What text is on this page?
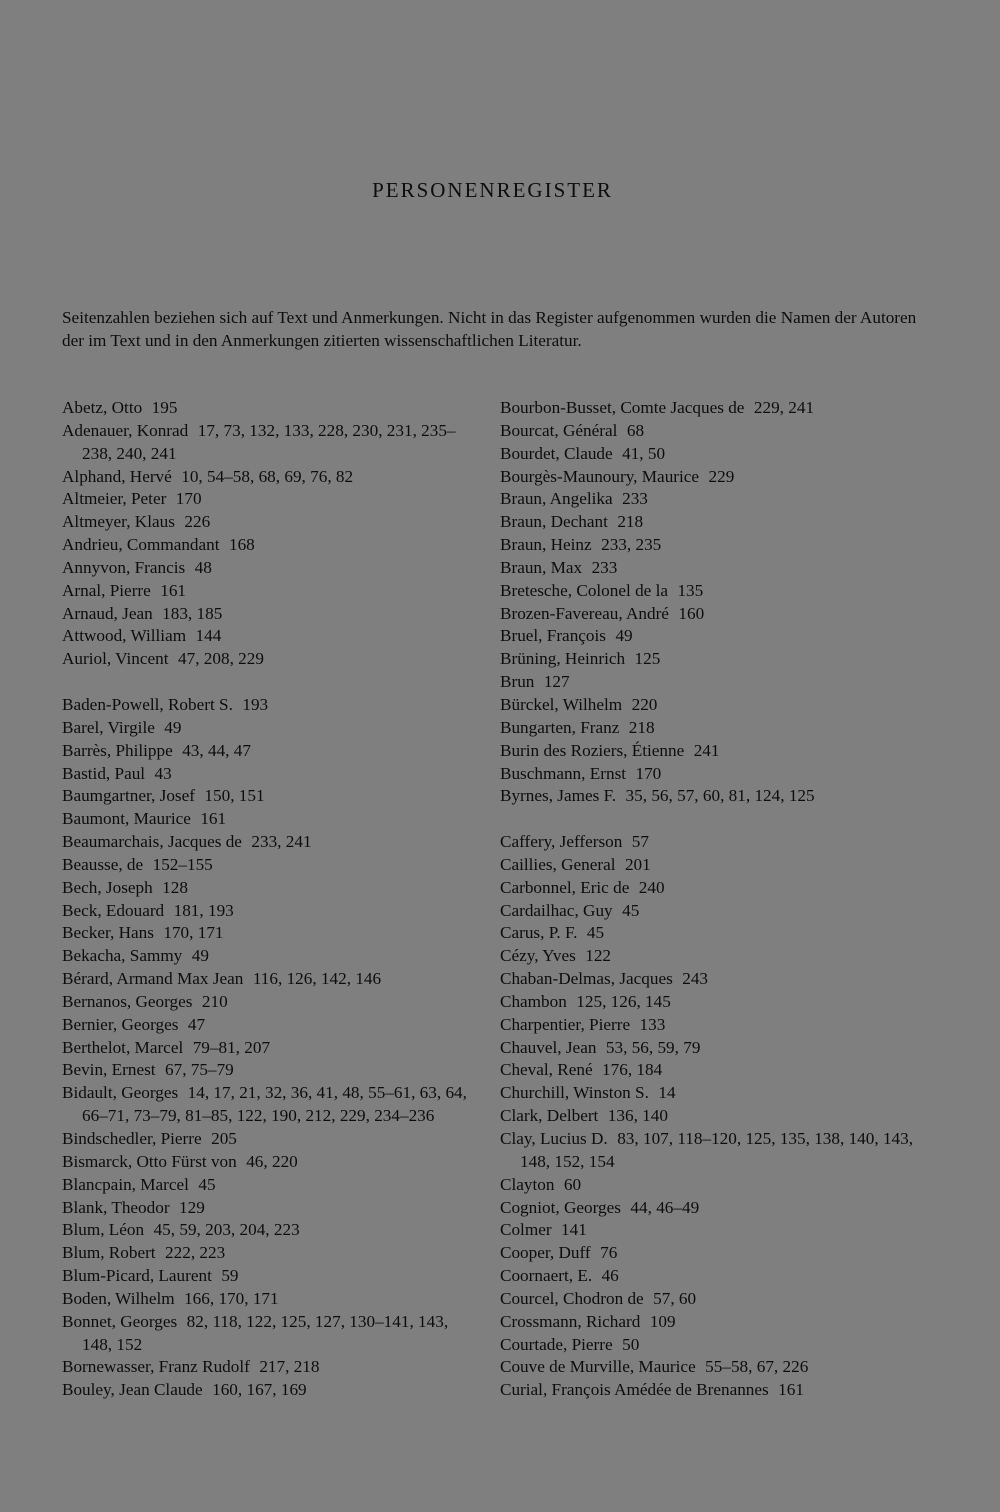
PERSONENREGISTER

Seitenzahlen beziehen sich auf Text und Anmerkungen. Nicht in das Register aufgenommen wurden die Namen der Autoren der im Text und in den Anmerkungen zitierten wissenschaftlichen Literatur.

Abetz, Otto 195
Adenauer, Konrad 17, 73, 132, 133, 228, 230, 231, 235–238, 240, 241
Alphand, Hervé 10, 54–58, 68, 69, 76, 82
Altmeier, Peter 170
Altmeyer, Klaus 226
Andrieu, Commandant 168
Annyvon, Francis 48
Arnal, Pierre 161
Arnaud, Jean 183, 185
Attwood, William 144
Auriol, Vincent 47, 208, 229
Baden-Powell, Robert S. 193
Barel, Virgile 49
Barrès, Philippe 43, 44, 47
Bastid, Paul 43
Baumgartner, Josef 150, 151
Baumont, Maurice 161
Beaumarchais, Jacques de 233, 241
Beausse, de 152–155
Bech, Joseph 128
Beck, Edouard 181, 193
Becker, Hans 170, 171
Bekacha, Sammy 49
Bérard, Armand Max Jean 116, 126, 142, 146
Bernanos, Georges 210
Bernier, Georges 47
Berthelot, Marcel 79–81, 207
Bevin, Ernest 67, 75–79
Bidault, Georges 14, 17, 21, 32, 36, 41, 48, 55–61, 63, 64, 66–71, 73–79, 81–85, 122, 190, 212, 229, 234–236
Bindschedler, Pierre 205
Bismarck, Otto Fürst von 46, 220
Blancpain, Marcel 45
Blank, Theodor 129
Blum, Léon 45, 59, 203, 204, 223
Blum, Robert 222, 223
Blum-Picard, Laurent 59
Boden, Wilhelm 166, 170, 171
Bonnet, Georges 82, 118, 122, 125, 127, 130–141, 143, 148, 152
Bornewasser, Franz Rudolf 217, 218
Bouley, Jean Claude 160, 167, 169
Bourbon-Busset, Comte Jacques de 229, 241
Bourcat, Général 68
Bourdet, Claude 41, 50
Bourgès-Maunoury, Maurice 229
Braun, Angelika 233
Braun, Dechant 218
Braun, Heinz 233, 235
Braun, Max 233
Bretesche, Colonel de la 135
Brozen-Favereau, André 160
Bruel, François 49
Brüning, Heinrich 125
Brun 127
Bürckel, Wilhelm 220
Bungarten, Franz 218
Burin des Roziers, Étienne 241
Buschmann, Ernst 170
Byrnes, James F. 35, 56, 57, 60, 81, 124, 125
Caffery, Jefferson 57
Caillies, General 201
Carbonnel, Eric de 240
Cardailhac, Guy 45
Carus, P. F. 45
Cézy, Yves 122
Chaban-Delmas, Jacques 243
Chambon 125, 126, 145
Charpentier, Pierre 133
Chauvel, Jean 53, 56, 59, 79
Cheval, René 176, 184
Churchill, Winston S. 14
Clark, Delbert 136, 140
Clay, Lucius D. 83, 107, 118–120, 125, 135, 138, 140, 143, 148, 152, 154
Clayton 60
Cogniot, Georges 44, 46–49
Colmer 141
Cooper, Duff 76
Coornaert, E. 46
Courcel, Chodron de 57, 60
Crossmann, Richard 109
Courtade, Pierre 50
Couve de Murville, Maurice 55–58, 67, 226
Curial, François Amédée de Brenannes 161
